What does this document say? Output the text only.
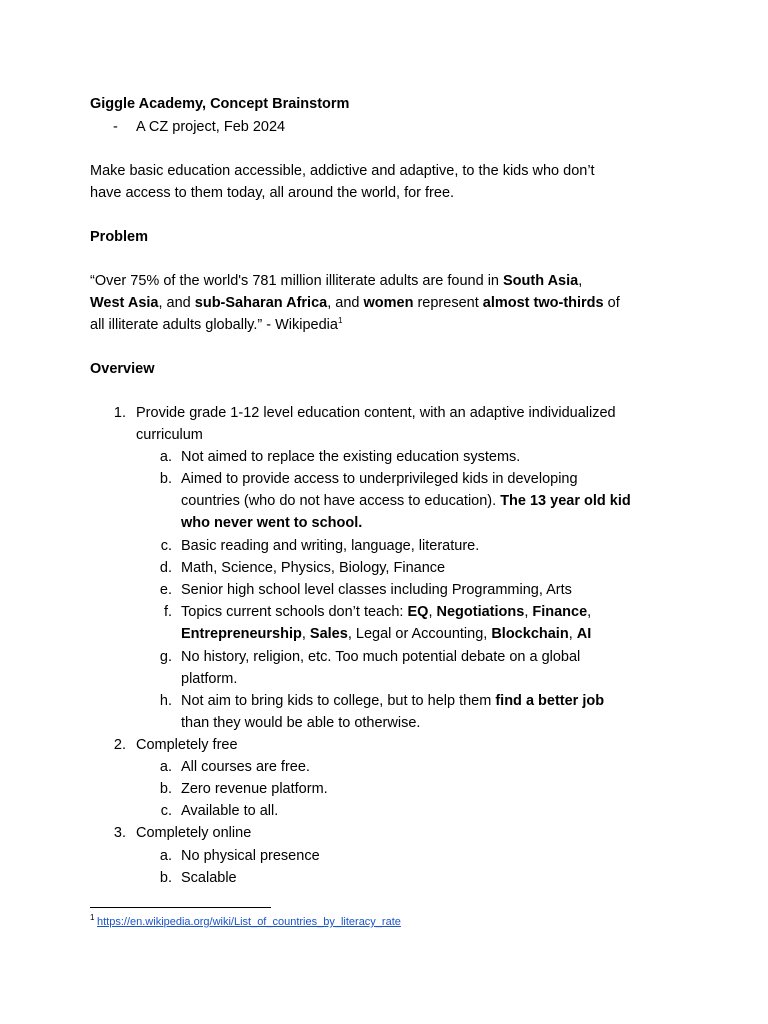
Giggle Academy, Concept Brainstorm
- A CZ project, Feb 2024
Make basic education accessible, addictive and adaptive, to the kids who don’t
have access to them today, all around the world, for free.
Problem
“Over 75% of the world's 781 million illiterate adults are found in South Asia,
West Asia, and sub-Saharan Africa, and women represent almost two-thirds of
all illiterate adults globally.” - Wikipedia$^1$
Overview
1. Provide grade 1-12 level education content, with an adaptive individualized
curriculum
a. Not aimed to replace the existing education systems.
b. Aimed to provide access to underprivileged kids in developing
countries (who do not have access to education). The 13 year old kid
who never went to school.
c. Basic reading and writing, language, literature.
d. Math, Science, Physics, Biology, Finance
e. Senior high school level classes including Programming, Arts
f. Topics current schools don’t teach: EQ, Negotiations, Finance,
Entrepreneurship, Sales, Legal or Accounting, Blockchain, AI
g. No history, religion, etc. Too much potential debate on a global
platform.
h. Not aim to bring kids to college, but to help them find a better job
than they would be able to otherwise.
2. Completely free
a. All courses are free.
b. Zero revenue platform.
c. Available to all.
3. Completely online
a. No physical presence
b. Scalable
1 https://en.wikipedia.org/wiki/List_of_countries_by_literacy_rate
